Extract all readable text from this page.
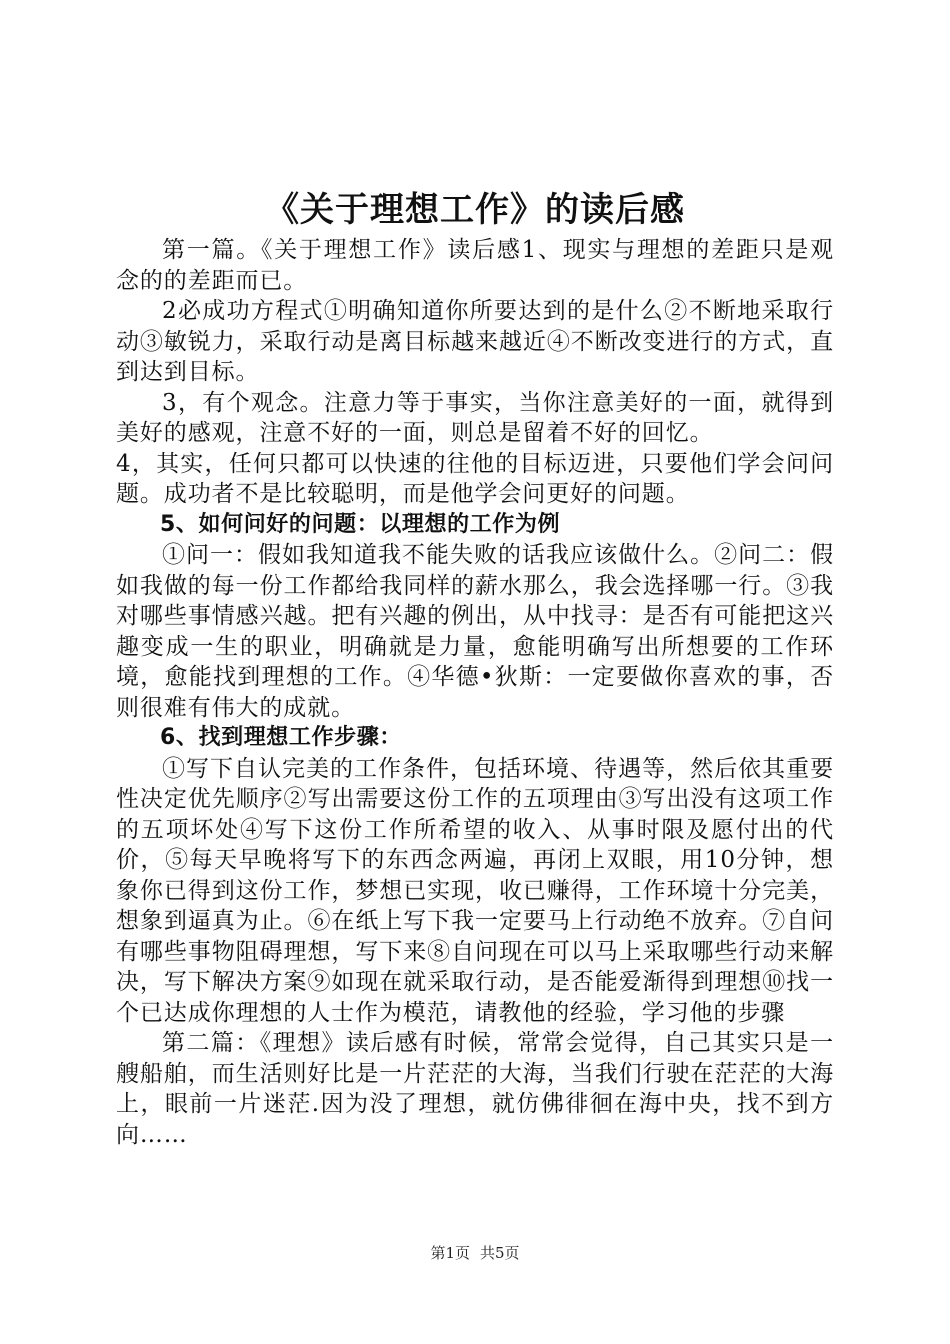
《关于理想工作》的读后感

第一篇。《关于理想工作》读后感1、现实与理想的差距只是观念的的差距而已。

2必成功方程式①明确知道你所要达到的是什么②不断地采取行动③敏锐力，采取行动是离目标越来越近④不断改变进行的方式，直到达到目标。

3，有个观念。注意力等于事实，当你注意美好的一面，就得到美好的感观，注意不好的一面，则总是留着不好的回忆。

4，其实，任何只都可以快速的往他的目标迈进，只要他们学会问问题。成功者不是比较聪明，而是他学会问更好的问题。

5、如何问好的问题：以理想的工作为例

①问一：假如我知道我不能失败的话我应该做什么。②问二：假如我做的每一份工作都给我同样的薪水那么，我会选择哪一行。③我对哪些事情感兴越。把有兴趣的例出，从中找寻：是否有可能把这兴趣变成一生的职业，明确就是力量，愈能明确写出所想要的工作环境，愈能找到理想的工作。④华德•狄斯：一定要做你喜欢的事，否则很难有伟大的成就。

6、找到理想工作步骤：

①写下自认完美的工作条件，包括环境、待遇等，然后依其重要性决定优先顺序②写出需要这份工作的五项理由③写出没有这项工作的五项坏处④写下这份工作所希望的收入、从事时限及愿付出的代价，⑤每天早晚将写下的东西念两遍，再闭上双眼，用10分钟，想象你已得到这份工作，梦想已实现，收已赚得，工作环境十分完美，想象到逼真为止。⑥在纸上写下我一定要马上行动绝不放弃。⑦自问有哪些事物阻碍理想，写下来⑧自问现在可以马上采取哪些行动来解决，写下解决方案⑨如现在就采取行动，是否能爱渐得到理想⑩找一个已达成你理想的人士作为模范，请教他的经验，学习他的步骤

第二篇：《理想》读后感有时候，常常会觉得，自己其实只是一艘船舶，而生活则好比是一片茫茫的大海，当我们行驶在茫茫的大海上，眼前一片迷茫.因为没了理想，就仿佛徘徊在海中央，找不到方向……

第1页 共5页
